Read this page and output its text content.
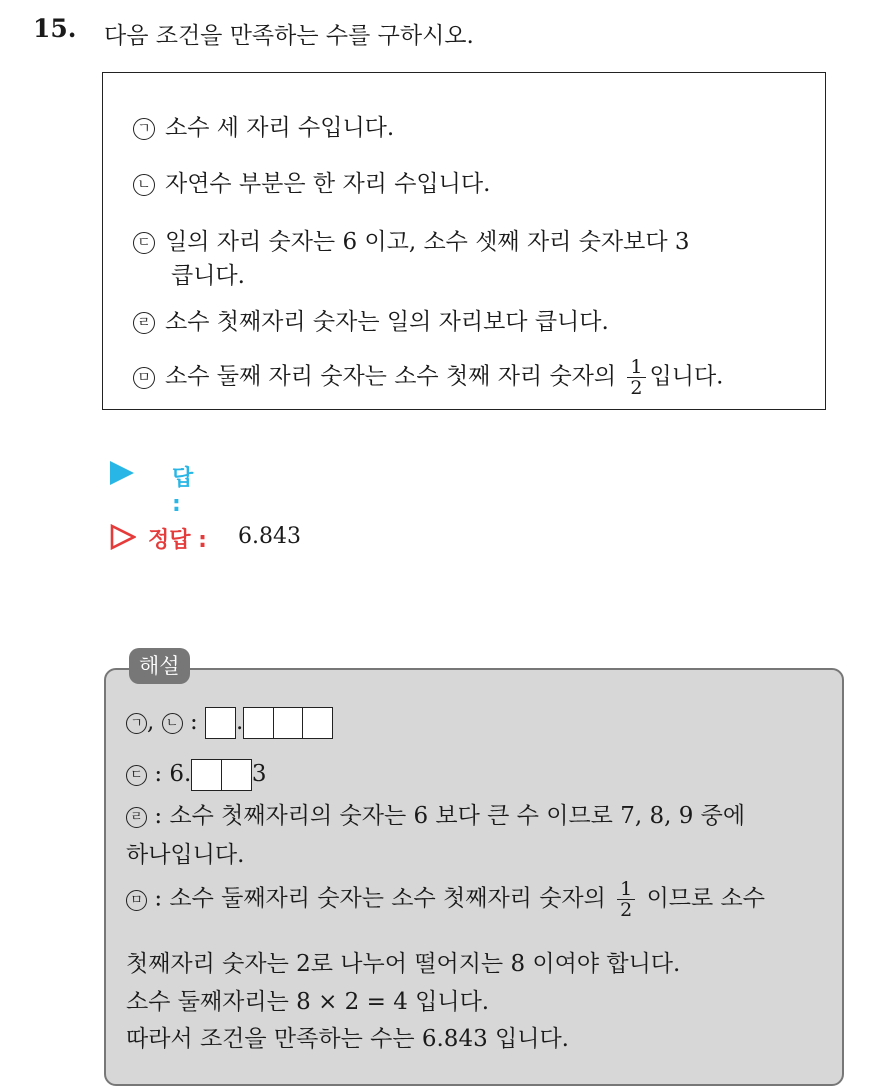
15. 다음 조건을 만족하는 수를 구하시오.
ㄱ 소수 세 자리 수입니다.
ㄴ 자연수 부분은 한 자리 수입니다.
ㄷ 일의 자리 숫자는 6 이고, 소수 셋째 자리 숫자보다 3
큽니다.
ㄹ 소수 첫째자리 숫자는 일의 자리보다 큽니다.
ㅁ 소수 둘째 자리 숫자는 소수 첫째 자리 숫자의 $\frac{1}{2}$ 입니다.
답 :
정답 : 6.843
해설
ㄱ , ㄴ : .
ㄷ : 6.	3
ㄹ : 소수 첫째자리의 숫자는 6 보다 큰 수 이므로 7, 8, 9 중에
하나입니다.
ㅁ : 소수 둘째자리 숫자는 소수 첫째자리 숫자의 $\frac{1}{2}$ 이므로 소수
첫째자리 숫자는 2로 나누어 떨어지는 8 이여야 합니다.
소수 둘째자리는 8 × 2 = 4 입니다.
따라서 조건을 만족하는 수는 6.843 입니다.
